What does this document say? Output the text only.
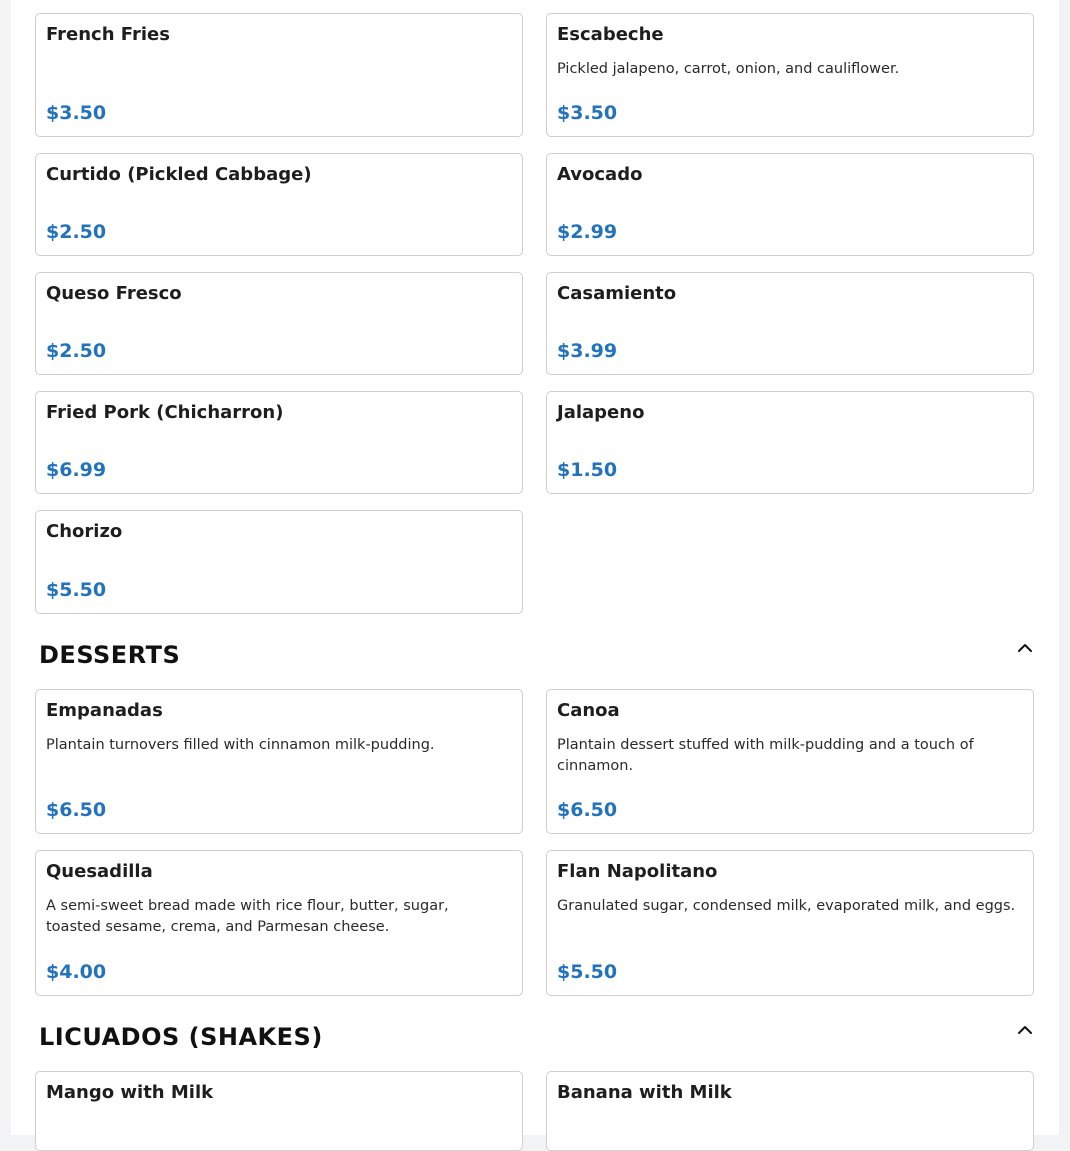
French Fries
$3.50
Escabeche
Pickled jalapeno, carrot, onion, and cauliflower.
$3.50
Curtido (Pickled Cabbage)
$2.50
Avocado
$2.99
Queso Fresco
$2.50
Casamiento
$3.99
Fried Pork (Chicharron)
$6.99
Jalapeno
$1.50
Chorizo
$5.50
DESSERTS
Empanadas
Plantain turnovers filled with cinnamon milk-pudding.
$6.50
Canoa
Plantain dessert stuffed with milk-pudding and a touch of cinnamon.
$6.50
Quesadilla
A semi-sweet bread made with rice flour, butter, sugar, toasted sesame, crema, and Parmesan cheese.
$4.00
Flan Napolitano
Granulated sugar, condensed milk, evaporated milk, and eggs.
$5.50
LICUADOS (SHAKES)
Mango with Milk	Banana with Milk
